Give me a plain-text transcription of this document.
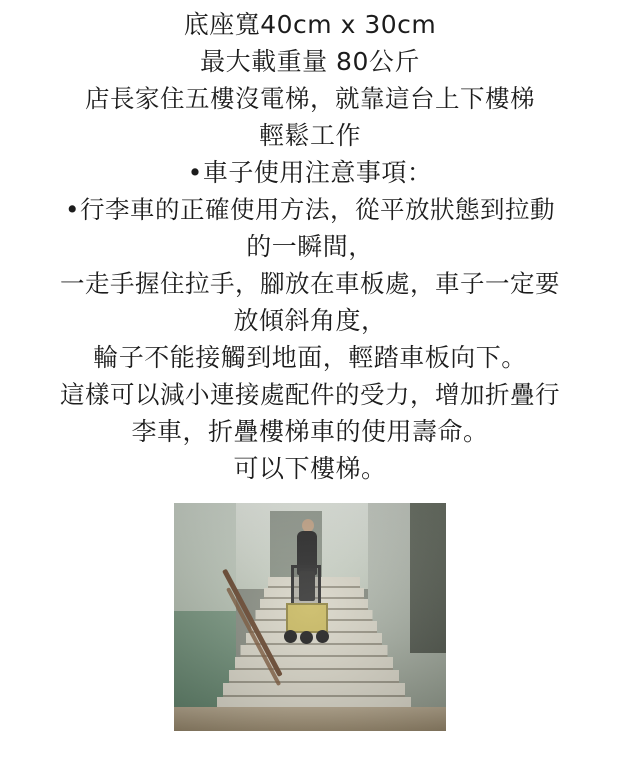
底座寬40cm x 30cm
最大載重量 80公斤
店長家住五樓沒電梯，就靠這台上下樓梯
輕鬆工作
•車子使用注意事項：
•行李車的正確使用方法，從平放狀態到拉動
的一瞬間，
一走手握住拉手，腳放在車板處，車子一定要
放傾斜角度，
輪子不能接觸到地面，輕踏車板向下。
這樣可以減小連接處配件的受力，增加折疊行
李車，折疊樓梯車的使用壽命。
可以下樓梯。
